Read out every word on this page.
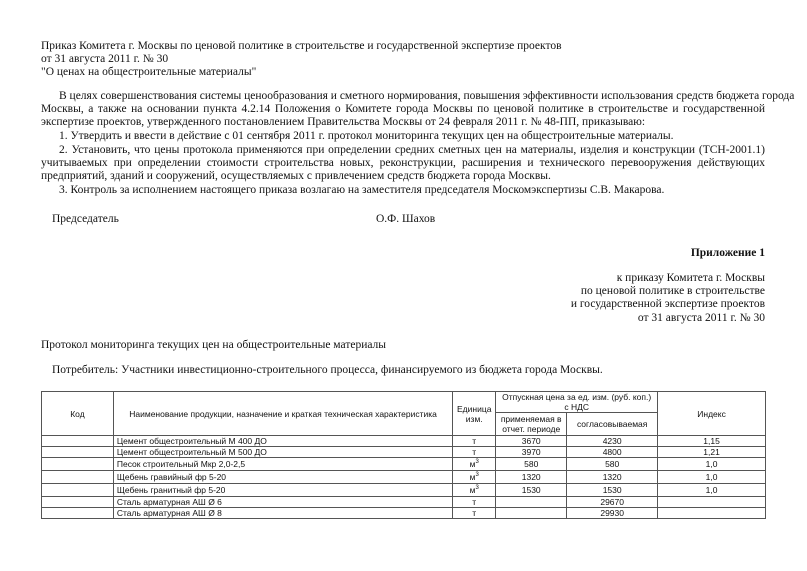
Приказ Комитета г. Москвы по ценовой политике в строительстве и государственной экспертизе проектов
от 31 августа 2011 г. № 30
"О ценах на общестроительные материалы"
В целях совершенствования системы ценообразования и сметного нормирования, повышения эффективности использования средств бюджета города
Москвы, а также на основании пункта 4.2.14 Положения о Комитете города Москвы по ценовой политике в строительстве и государственной
экспертизе проектов, утвержденного постановлением Правительства Москвы от 24 февраля 2011 г. № 48-ПП, приказываю:
1. Утвердить и ввести в действие с 01 сентября 2011 г. протокол мониторинга текущих цен на общестроительные материалы.
2. Установить, что цены протокола применяются при определении средних сметных цен на материалы, изделия и конструкции (ТСН-2001.1)
учитываемых при определении стоимости строительства новых, реконструкции, расширения и технического перевооружения действующих
предприятий, зданий и сооружений, осуществляемых с привлечением средств бюджета города Москвы.
3. Контроль за исполнением настоящего приказа возлагаю на заместителя председателя Москомэкспертизы С.В. Макарова.
Председатель	О.Ф. Шахов
Приложение 1
к приказу Комитета г. Москвы
по ценовой политике в строительстве
и государственной экспертизе проектов
от 31 августа 2011 г. № 30
Протокол мониторинга текущих цен на общестроительные материалы
Потребитель: Участники инвестиционно-строительного процесса, финансируемого из бюджета города Москвы.
Код	Наименование продукции, назначение и краткая техническая характеристика	Единица изм.	Отпускная цена за ед. изм. (руб. коп.) с НДС		Индекс
			применяемая в отчет. периоде	согласовываемая	
	Цемент общестроительный М 400 ДО	т	3670	4230	1,15
	Цемент общестроительный М 500 ДО	т	3970	4800	1,21
	Песок строительный Мкр 2,0-2,5	$м^3$	580	580	1,0
	Щебень гравийный фр 5-20	$м^3$	1320	1320	1,0
	Щебень гранитный фр 5-20	$м^3$	1530	1530	1,0
	Сталь арматурная АШ Ø 6	т		29670	
	Сталь арматурная АШ Ø 8	т		29930	
